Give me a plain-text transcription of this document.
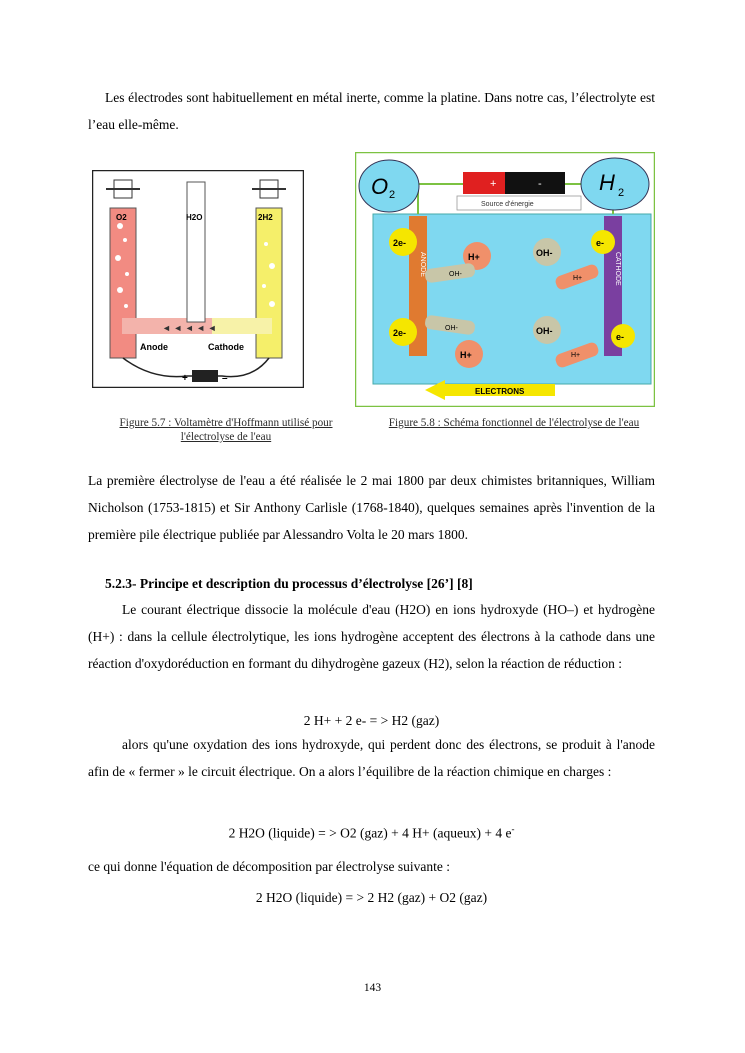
Les électrodes sont habituellement en métal inerte, comme la platine. Dans notre cas, l’électrolyte est l’eau elle-même.

◄ ◄ ◄ ◄ ◄
O2	H2O	2H2
Anode	Cathode
+	–
+	-
Source d'énergie
O 2	H 2
ANODE	CATHODE
2e-
2e-
H+
H+
OH-
OH-
OH-
OH-
H+
H+
e-
e-
ELECTRONS
Figure 5.7 : Voltamètre d'Hoffmann utilisé pour l'électrolyse de l'eau
Figure 5.8 : Schéma fonctionnel de l'électrolyse de l'eau

La première électrolyse de l'eau a été réalisée le 2 mai 1800 par deux chimistes britanniques, William Nicholson (1753-1815) et Sir Anthony Carlisle (1768-1840), quelques semaines après l'invention de la première pile électrique publiée par Alessandro Volta le 20 mars 1800.

5.2.3- Principe et description du processus d’électrolyse [26’] [8]

Le courant électrique dissocie la molécule d'eau (H2O) en ions hydroxyde (HO–) et hydrogène (H+) : dans la cellule électrolytique, les ions hydrogène acceptent des électrons à la cathode dans une réaction d'oxydoréduction en formant du dihydrogène gazeux (H2), selon la réaction de réduction :

2 H+ + 2 e- = > H2 (gaz)

alors qu'une oxydation des ions hydroxyde, qui perdent donc des électrons, se produit à l'anode afin de « fermer » le circuit électrique. On a alors l’équilibre de la réaction chimique en charges :

2 H2O (liquide) = > O2 (gaz) + 4 H+ (aqueux) + 4 e-

ce qui donne l'équation de décomposition par électrolyse suivante :

2 H2O (liquide) = > 2 H2 (gaz) + O2 (gaz)

143
